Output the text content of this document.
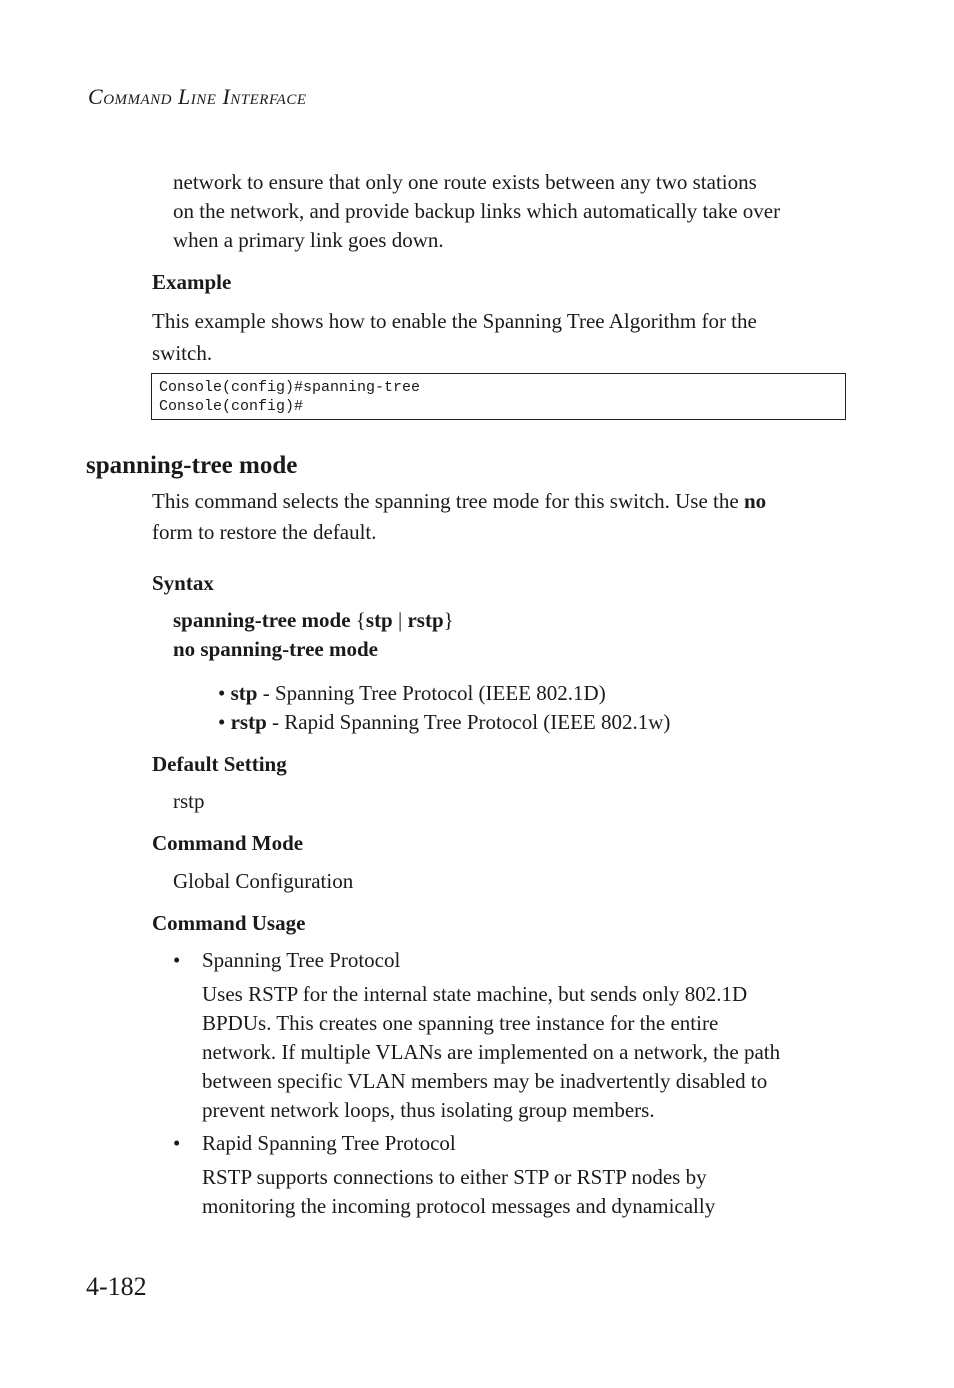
COMMAND LINE INTERFACE
network to ensure that only one route exists between any two stations
on the network, and provide backup links which automatically take over
when a primary link goes down.
Example
This example shows how to enable the Spanning Tree Algorithm for the
switch.
Console(config)#spanning-tree
Console(config)#
spanning-tree mode
This command selects the spanning tree mode for this switch. Use the no
form to restore the default.
Syntax
spanning-tree mode {stp | rstp}
no spanning-tree mode
• stp - Spanning Tree Protocol (IEEE 802.1D)
• rstp - Rapid Spanning Tree Protocol (IEEE 802.1w)
Default Setting
rstp
Command Mode
Global Configuration
Command Usage
• Spanning Tree Protocol
Uses RSTP for the internal state machine, but sends only 802.1D
BPDUs. This creates one spanning tree instance for the entire
network. If multiple VLANs are implemented on a network, the path
between specific VLAN members may be inadvertently disabled to
prevent network loops, thus isolating group members.
• Rapid Spanning Tree Protocol
RSTP supports connections to either STP or RSTP nodes by
monitoring the incoming protocol messages and dynamically
4-182
